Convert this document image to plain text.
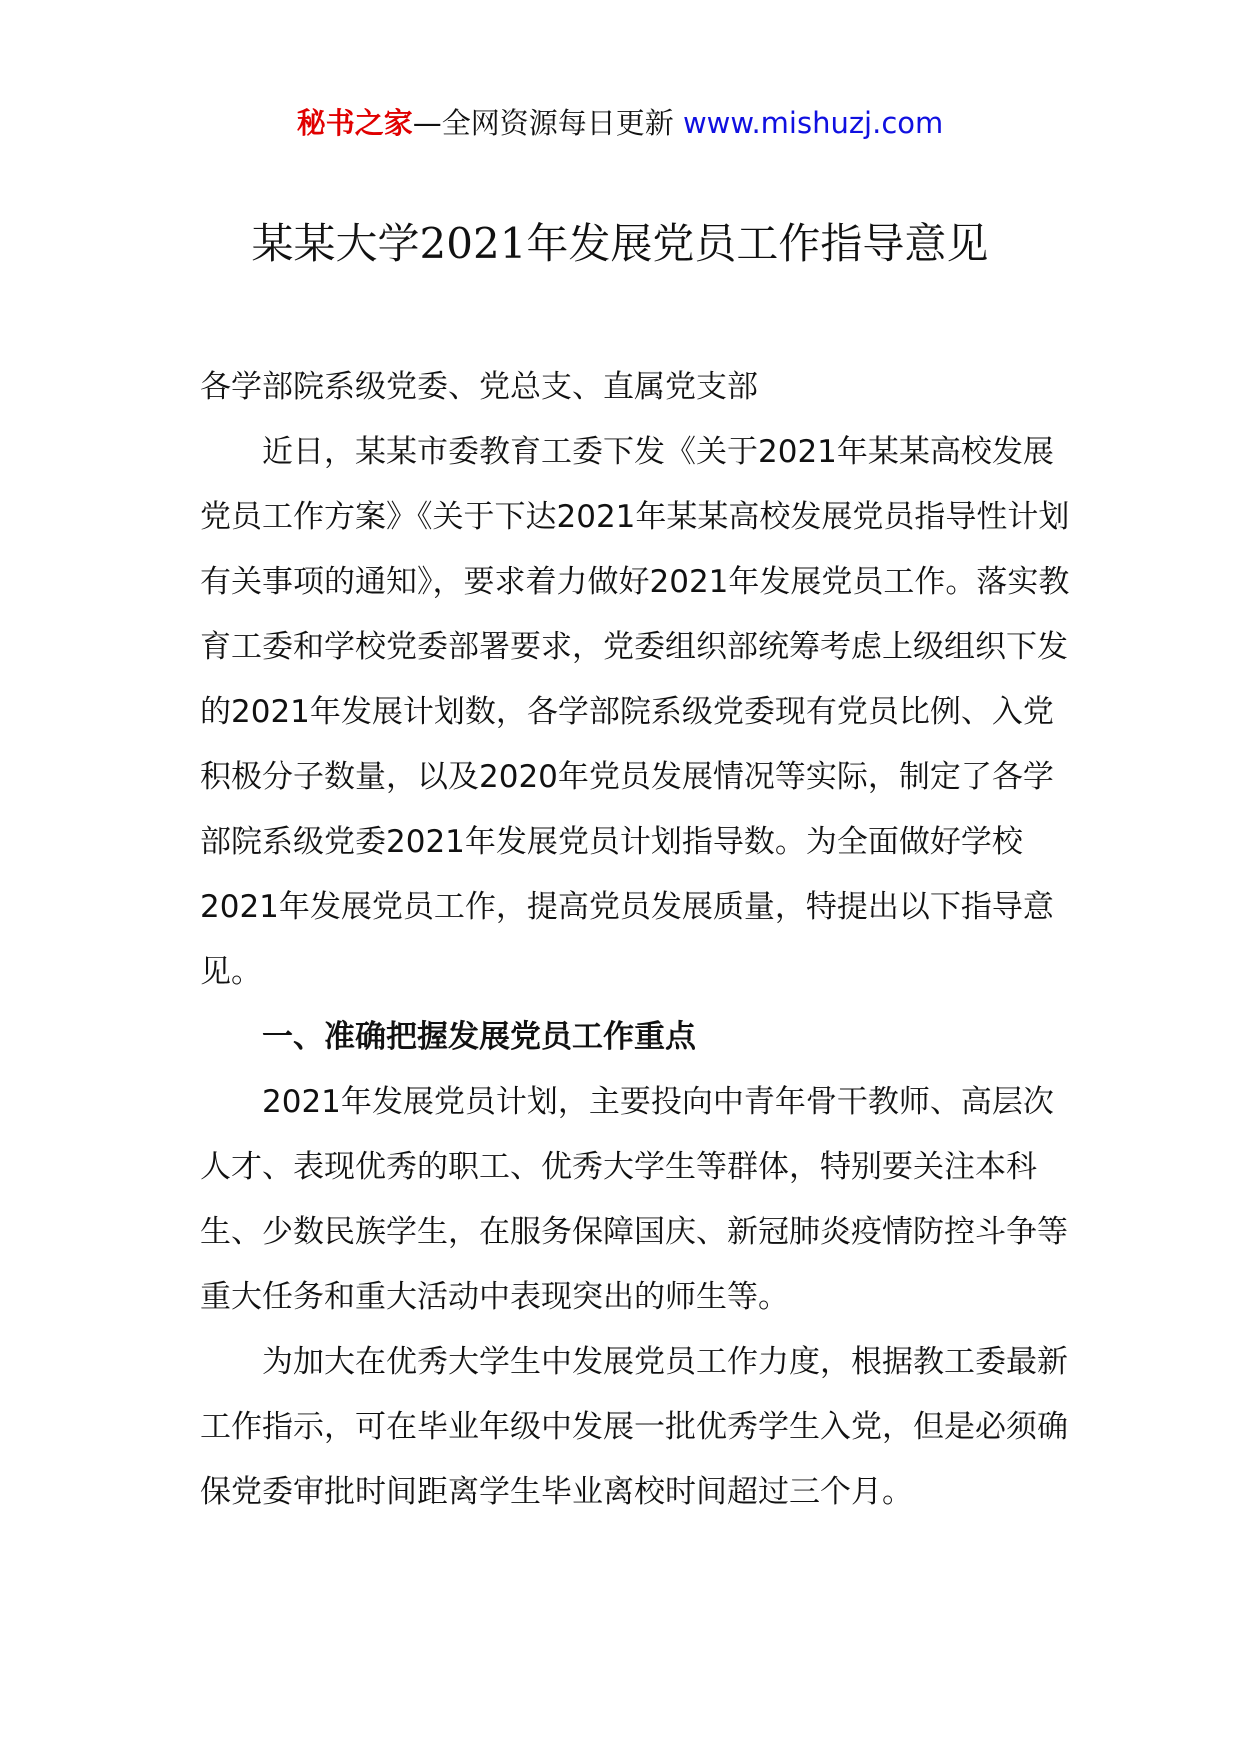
秘书之家—全网资源每日更新 www.mishuzj.com
某某大学2021年发展党员工作指导意见

各学部院系级党委、党总支、直属党支部

近日，某某市委教育工委下发《关于2021年某某高校发展党员工作方案》《关于下达2021年某某高校发展党员指导性计划有关事项的通知》，要求着力做好2021年发展党员工作。落实教育工委和学校党委部署要求，党委组织部统筹考虑上级组织下发的2021年发展计划数，各学部院系级党委现有党员比例、入党积极分子数量，以及2020年党员发展情况等实际，制定了各学部院系级党委2021年发展党员计划指导数。为全面做好学校2021年发展党员工作，提高党员发展质量，特提出以下指导意见。

一、准确把握发展党员工作重点

2021年发展党员计划，主要投向中青年骨干教师、高层次人才、表现优秀的职工、优秀大学生等群体，特别要关注本科生、少数民族学生，在服务保障国庆、新冠肺炎疫情防控斗争等重大任务和重大活动中表现突出的师生等。

为加大在优秀大学生中发展党员工作力度，根据教工委最新工作指示，可在毕业年级中发展一批优秀学生入党，但是必须确保党委审批时间距离学生毕业离校时间超过三个月。
